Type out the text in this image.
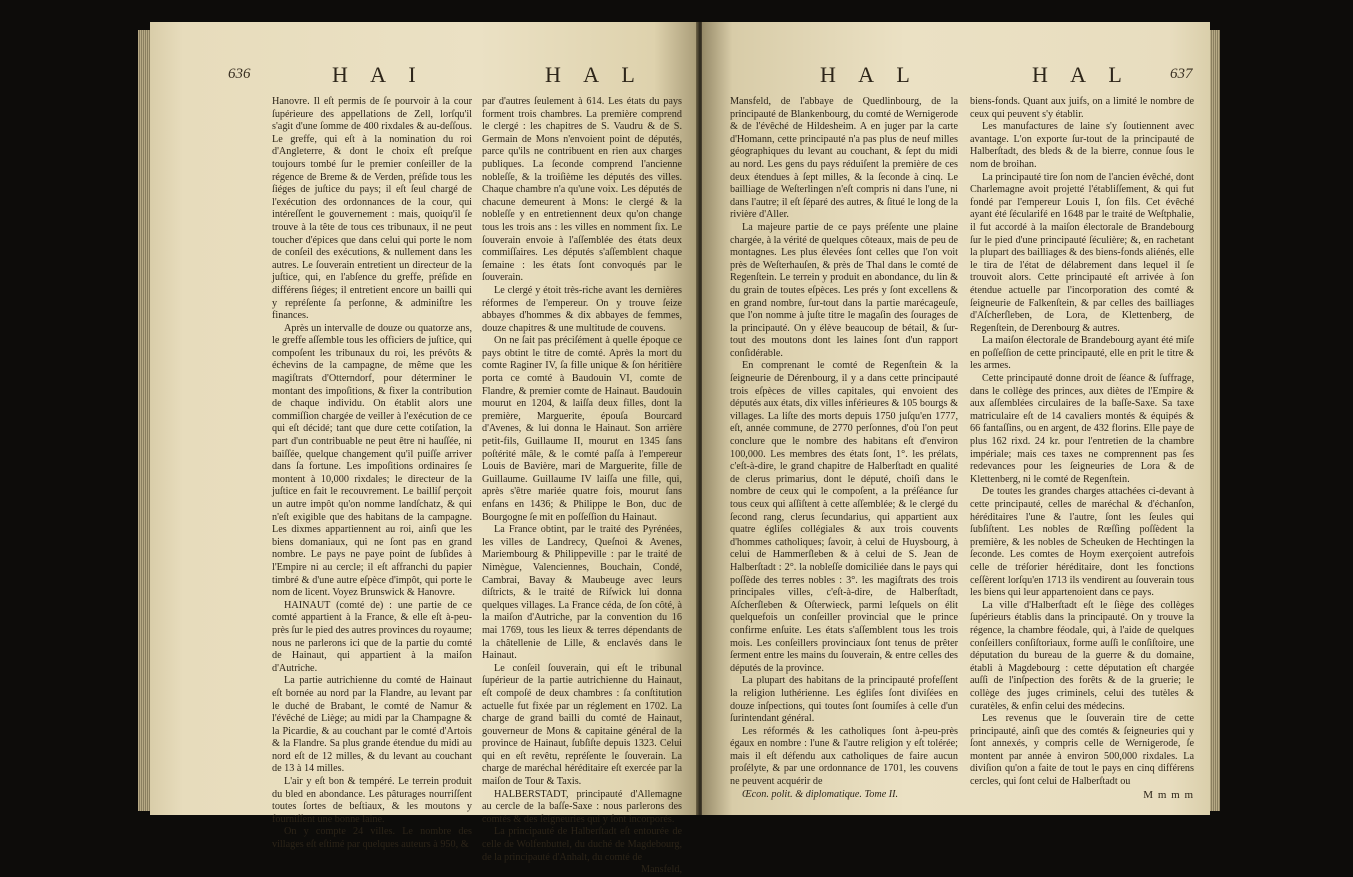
636	H A I	H A L

Hanovre. Il eſt permis de ſe pourvoir à la cour ſupérieure des appellations de Zell, lorſqu'il s'agit d'une ſomme de 400 rixdales & au-deſſous. Le greffe, qui eſt à la nomination du roi d'Angleterre, & dont le choix eſt preſque toujours tombé ſur le premier conſeiller de la régence de Breme & de Verden, préſide tous les ſiéges de juſtice du pays; il eſt ſeul chargé de l'exécution des ordonnances de la cour, qui intéreſſent le gouvernement : mais, quoiqu'il ſe trouve à la tête de tous ces tribunaux, il ne peut toucher d'épices que dans celui qui porte le nom de conſeil des exécutions, & nullement dans les autres. Le ſouverain entretient un directeur de la juſtice, qui, en l'abſence du greffe, préſide en différens ſiéges; il entretient encore un bailli qui y repréſente ſa perſonne, & adminiſtre les finances.

Après un intervalle de douze ou quatorze ans, le greffe aſſemble tous les officiers de juſtice, qui compoſent les tribunaux du roi, les prévôts & échevins de la campagne, de même que les magiſtrats d'Otterndorf, pour déterminer le montant des impoſitions, & fixer la contribution de chaque individu. On établit alors une commiſſion chargée de veiller à l'exécution de ce qui eſt décidé; tant que dure cette cotiſation, la part d'un contribuable ne peut être ni hauſſée, ni baiſſée, quelque changement qu'il puiſſe arriver dans ſa fortune. Les impoſitions ordinaires ſe montent à 10,000 rixdales; le directeur de la juſtice en fait le recouvrement. Le bailliſ perçoit un autre impôt qu'on nomme landſchatz, & qui n'eſt exigible que des habitans de la campagne. Les dixmes appartiennent au roi, ainſi que les biens domaniaux, qui ne ſont pas en grand nombre. Le pays ne paye point de ſubſides à l'Empire ni au cercle; il eſt affranchi du papier timbré & d'une autre eſpèce d'impôt, qui porte le nom de licent. Voyez Brunswick & Hanovre.

HAINAUT (comté de) : une partie de ce comté appartient à la France, & elle eſt à-peu-près ſur le pied des autres provinces du royaume; nous ne parlerons ici que de la partie du comté de Hainaut, qui appartient à la maiſon d'Autriche.

La partie autrichienne du comté de Hainaut eſt bornée au nord par la Flandre, au levant par le duché de Brabant, le comté de Namur & l'évêché de Liège; au midi par la Champagne & la Picardie, & au couchant par le comté d'Artois & la Flandre. Sa plus grande étendue du midi au nord eſt de 12 milles, & du levant au couchant de 13 à 14 milles.

L'air y eſt bon & tempéré. Le terrein produit du bled en abondance. Les pâturages nourriſſent toutes ſortes de beſtiaux, & les moutons y fourniſſent une bonne laine.

On y compte 24 villes. Le nombre des villages eſt eſtimé par quelques auteurs à 950, &

par d'autres ſeulement à 614. Les états du pays forment trois chambres. La première comprend le clergé : les chapitres de S. Vaudru & de S. Germain de Mons n'envoient point de députés, parce qu'ils ne contribuent en rien aux charges publiques. La ſeconde comprend l'ancienne nobleſſe, & la troiſième les députés des villes. Chaque chambre n'a qu'une voix. Les députés de chacune demeurent à Mons: le clergé & la nobleſſe y en entretiennent deux qu'on change tous les trois ans : les villes en nomment ſix. Le ſouverain envoie à l'aſſemblée des états deux commiſſaires. Les députés s'aſſemblent chaque ſemaine : les états ſont convoqués par le ſouverain.

Le clergé y étoit très-riche avant les dernières réformes de l'empereur. On y trouve ſeize abbayes d'hommes & dix abbayes de femmes, douze chapitres & une multitude de couvens.

On ne ſait pas préciſément à quelle époque ce pays obtint le titre de comté. Après la mort du comte Raginer IV, ſa fille unique & ſon héritière porta ce comté à Baudouin VI, comte de Flandre, & premier comte de Hainaut. Baudouin mourut en 1204, & laiſſa deux filles, dont la première, Marguerite, épouſa Bourcard d'Avenes, & lui donna le Hainaut. Son arrière petit-fils, Guillaume II, mourut en 1345 ſans poſtérité mâle, & le comté paſſa à l'empereur Louis de Bavière, mari de Marguerite, fille de Guillaume. Guillaume IV laiſſa une fille, qui, après s'être mariée quatre fois, mourut ſans enfans en 1436; & Philippe le Bon, duc de Bourgogne ſe mit en poſſeſſion du Hainaut.

La France obtint, par le traité des Pyrénées, les villes de Landrecy, Queſnoi & Avenes, Mariembourg & Philippeville : par le traité de Nimègue, Valenciennes, Bouchain, Condé, Cambrai, Bavay & Maubeuge avec leurs diſtricts, & le traité de Riſwick lui donna quelques villages. La France céda, de ſon côté, à la maiſon d'Autriche, par la convention du 16 mai 1769, tous les lieux & terres dépendants de la châtellenie de Lille, & enclavés dans le Hainaut.

Le conſeil ſouverain, qui eſt le tribunal ſupérieur de la partie autrichienne du Hainaut, eſt compoſé de deux chambres : ſa conſtitution actuelle fut fixée par un réglement en 1702. La charge de grand bailli du comté de Hainaut, gouverneur de Mons & capitaine général de la province de Hainaut, ſubſiſte depuis 1323. Celui qui en eſt revêtu, repréſente le ſouverain. La charge de maréchal héréditaire eſt exercée par la maiſon de Tour & Taxis.

HALBERSTADT, principauté d'Allemagne au cercle de la baſſe-Saxe : nous parlerons des comtés & des ſeigneuries qui y ſont incorporés.

La principauté de Halberſtadt eſt entourée de celle de Wolfenbuttel, du duché de Magdebourg, de la principauté d'Anhalt, du comté de

Mansfeld,

H A L	H A L	637

Mansfeld, de l'abbaye de Quedlinbourg, de la principauté de Blankenbourg, du comté de Wernigerode & de l'évêché de Hildesheim. A en juger par la carte d'Homann, cette principauté n'a pas plus de neuf milles géographiques du levant au couchant, & ſept du midi au nord. Les gens du pays réduiſent la première de ces deux étendues à ſept milles, & la ſeconde à cinq. Le bailliage de Weſterlingen n'eſt compris ni dans l'une, ni dans l'autre; il eſt ſéparé des autres, & ſitué le long de la rivière d'Aller.

La majeure partie de ce pays préſente une plaine chargée, à la vérité de quelques côteaux, mais de peu de montagnes. Les plus élevées ſont celles que l'on voit près de Weſterhauſen, & près de Thal dans le comté de Regenſtein. Le terrein y produit en abondance, du lin & du grain de toutes eſpèces. Les prés y ſont excellens & en grand nombre, ſur-tout dans la partie marécageuſe, que l'on nomme à juſte titre le magaſin des ſourages de la principauté. On y élève beaucoup de bétail, & ſur-tout des moutons dont les laines ſont d'un rapport conſidérable.

En comprenant le comté de Regenſtein & la ſeigneurie de Dérenbourg, il y a dans cette principauté trois eſpèces de villes capitales, qui envoient des députés aux états, dix villes inférieures & 105 bourgs & villages. La liſte des morts depuis 1750 juſqu'en 1777, eſt, année commune, de 2770 perſonnes, d'où l'on peut conclure que le nombre des habitans eſt d'environ 100,000. Les membres des états ſont, 1°. les prélats, c'eſt-à-dire, le grand chapitre de Halberſtadt en qualité de clerus primarius, dont le député, choiſi dans le nombre de ceux qui le compoſent, a la préſéance ſur tous ceux qui aſſiſtent à cette aſſemblée; & le clergé du ſecond rang, clerus ſecundarius, qui appartient aux quatre égliſes collégiales & aux trois couvents d'hommes catholiques; ſavoir, à celui de Huysbourg, à celui de Hammerſleben & à celui de S. Jean de Halberſtadt : 2°. la nobleſſe domiciliée dans le pays qui poſſède des terres nobles : 3°. les magiſtrats des trois principales villes, c'eſt-à-dire, de Halberſtadt, Aſcherſleben & Oſterwieck, parmi leſquels on élit quelquefois un conſeiller provincial que le prince confirme enſuite. Les états s'aſſemblent tous les trois mois. Les conſeillers provinciaux ſont tenus de prêter ſerment entre les mains du ſouverain, & entre celles des députés de la province.

La plupart des habitans de la principauté profeſſent la religion luthérienne. Les égliſes ſont diviſées en douze inſpections, qui toutes ſont ſoumiſes à celle d'un ſurintendant général.

Les réformés & les catholiques ſont à-peu-près égaux en nombre : l'une & l'autre religion y eſt tolérée; mais il eſt défendu aux catholiques de faire aucun proſélyte, & par une ordonnance de 1701, les couvens ne peuvent acquérir de

Œcon. polit. & diplomatique. Tome II.

biens-fonds. Quant aux juifs, on a limité le nombre de ceux qui peuvent s'y établir.

Les manufactures de laine s'y ſoutiennent avec avantage. L'on exporte ſur-tout de la principauté de Halberſtadt, des bleds & de la bierre, connue ſous le nom de broihan.

La principauté tire ſon nom de l'ancien évêché, dont Charlemagne avoit projetté l'établiſſement, & qui fut fondé par l'empereur Louis I, ſon fils. Cet évêché ayant été ſécularifé en 1648 par le traité de Weſtphalie, il fut accordé à la maiſon électorale de Brandebourg ſur le pied d'une principauté ſéculière; &, en rachetant la plupart des bailliages & des biens-fonds aliénés, elle le tira de l'état de délabrement dans lequel il ſe trouvoit alors. Cette principauté eſt arrivée à ſon étendue actuelle par l'incorporation des comté & ſeigneurie de Falkenſtein, & par celles des bailliages d'Aſcherſleben, de Lora, de Klettenberg, de Regenſtein, de Derenbourg & autres.

La maiſon électorale de Brandebourg ayant été miſe en poſſeſſion de cette principauté, elle en prit le titre & les armes.

Cette principauté donne droit de ſéance & ſuffrage, dans le collège des princes, aux diètes de l'Empire & aux aſſemblées circulaires de la baſſe-Saxe. Sa taxe matriculaire eſt de 14 cavaliers montés & équipés & 66 fantaſſins, ou en argent, de 432 florins. Elle paye de plus 162 rixd. 24 kr. pour l'entretien de la chambre impériale; mais ces taxes ne comprennent pas ſes redevances pour les ſeigneuries de Lora & de Klettenberg, ni le comté de Regenſtein.

De toutes les grandes charges attachées ci-devant à cette principauté, celles de maréchal & d'échanſon, héréditaires l'une & l'autre, ſont les ſeules qui ſubſiſtent. Les nobles de Rœſſing poſſèdent la première, & les nobles de Scheuken de Hechtingen la ſeconde. Les comtes de Hoym exerçoient autrefois celle de tréſorier héréditaire, dont les fonctions ceſſèrent lorſqu'en 1713 ils vendirent au ſouverain tous les biens qui leur appartenoient dans ce pays.

La ville d'Halberſtadt eſt le ſiège des collèges ſupérieurs établis dans la principauté. On y trouve la régence, la chambre féodale, qui, à l'aide de quelques conſeillers conſiſtoriaux, forme auſſi le conſiſtoire, une députation du bureau de la guerre & du domaine, établi à Magdebourg : cette députation eſt chargée auſſi de l'inſpection des forêts & de la gruerie; le collège des juges criminels, celui des tutèles & curatèles, & enfin celui des médecins.

Les revenus que le ſouverain tire de cette principauté, ainſi que des comtés & ſeigneuries qui y ſont annexés, y compris celle de Wernigerode, ſe montent par année à environ 500,000 rixdales. La diviſion qu'on a faite de tout le pays en cinq différens cercles, qui ſont celui de Halberſtadt ou

M m m m
